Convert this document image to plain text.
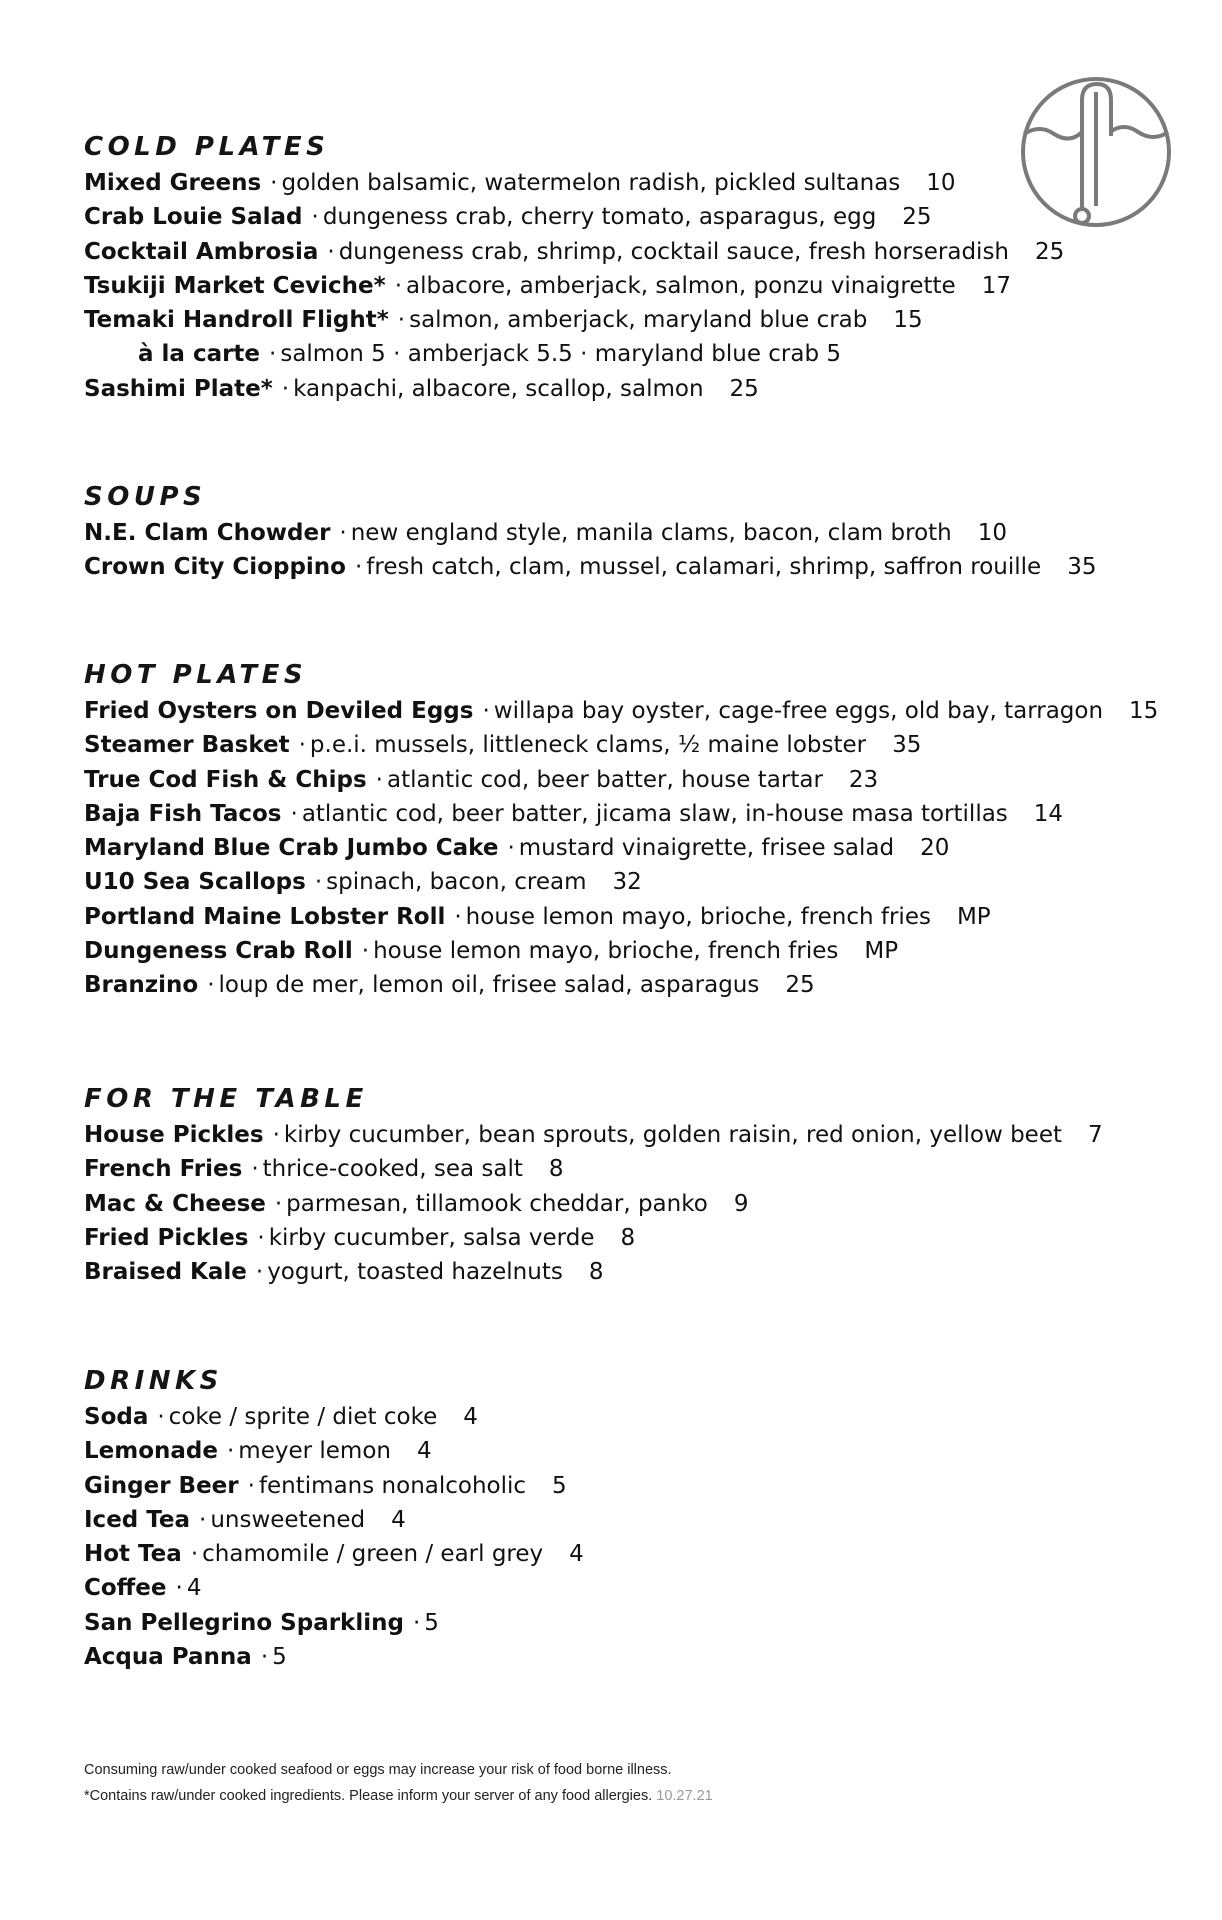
COLD PLATES
Mixed Greens · golden balsamic, watermelon radish, pickled sultanas 10
Crab Louie Salad · dungeness crab, cherry tomato, asparagus, egg 25
Cocktail Ambrosia · dungeness crab, shrimp, cocktail sauce, fresh horseradish 25
Tsukiji Market Ceviche* · albacore, amberjack, salmon, ponzu vinaigrette 17
Temaki Handroll Flight* · salmon, amberjack, maryland blue crab 15
à la carte · salmon 5 · amberjack 5.5 · maryland blue crab 5
Sashimi Plate* · kanpachi, albacore, scallop, salmon 25
SOUPS
N.E. Clam Chowder · new england style, manila clams, bacon, clam broth 10
Crown City Cioppino · fresh catch, clam, mussel, calamari, shrimp, saffron rouille 35
HOT PLATES
Fried Oysters on Deviled Eggs · willapa bay oyster, cage-free eggs, old bay, tarragon 15
Steamer Basket · p.e.i. mussels, littleneck clams, ½ maine lobster 35
True Cod Fish & Chips · atlantic cod, beer batter, house tartar 23
Baja Fish Tacos · atlantic cod, beer batter, jicama slaw, in-house masa tortillas 14
Maryland Blue Crab Jumbo Cake · mustard vinaigrette, frisee salad 20
U10 Sea Scallops · spinach, bacon, cream 32
Portland Maine Lobster Roll · house lemon mayo, brioche, french fries MP
Dungeness Crab Roll · house lemon mayo, brioche, french fries MP
Branzino · loup de mer, lemon oil, frisee salad, asparagus 25
FOR THE TABLE
House Pickles · kirby cucumber, bean sprouts, golden raisin, red onion, yellow beet 7
French Fries · thrice-cooked, sea salt 8
Mac & Cheese · parmesan, tillamook cheddar, panko 9
Fried Pickles · kirby cucumber, salsa verde 8
Braised Kale · yogurt, toasted hazelnuts 8
DRINKS
Soda · coke / sprite / diet coke 4
Lemonade · meyer lemon 4
Ginger Beer · fentimans nonalcoholic 5
Iced Tea · unsweetened 4
Hot Tea · chamomile / green / earl grey 4
Coffee · 4
San Pellegrino Sparkling · 5
Acqua Panna · 5
Consuming raw/under cooked seafood or eggs may increase your risk of food borne illness.
*Contains raw/under cooked ingredients. Please inform your server of any food allergies. 10.27.21
